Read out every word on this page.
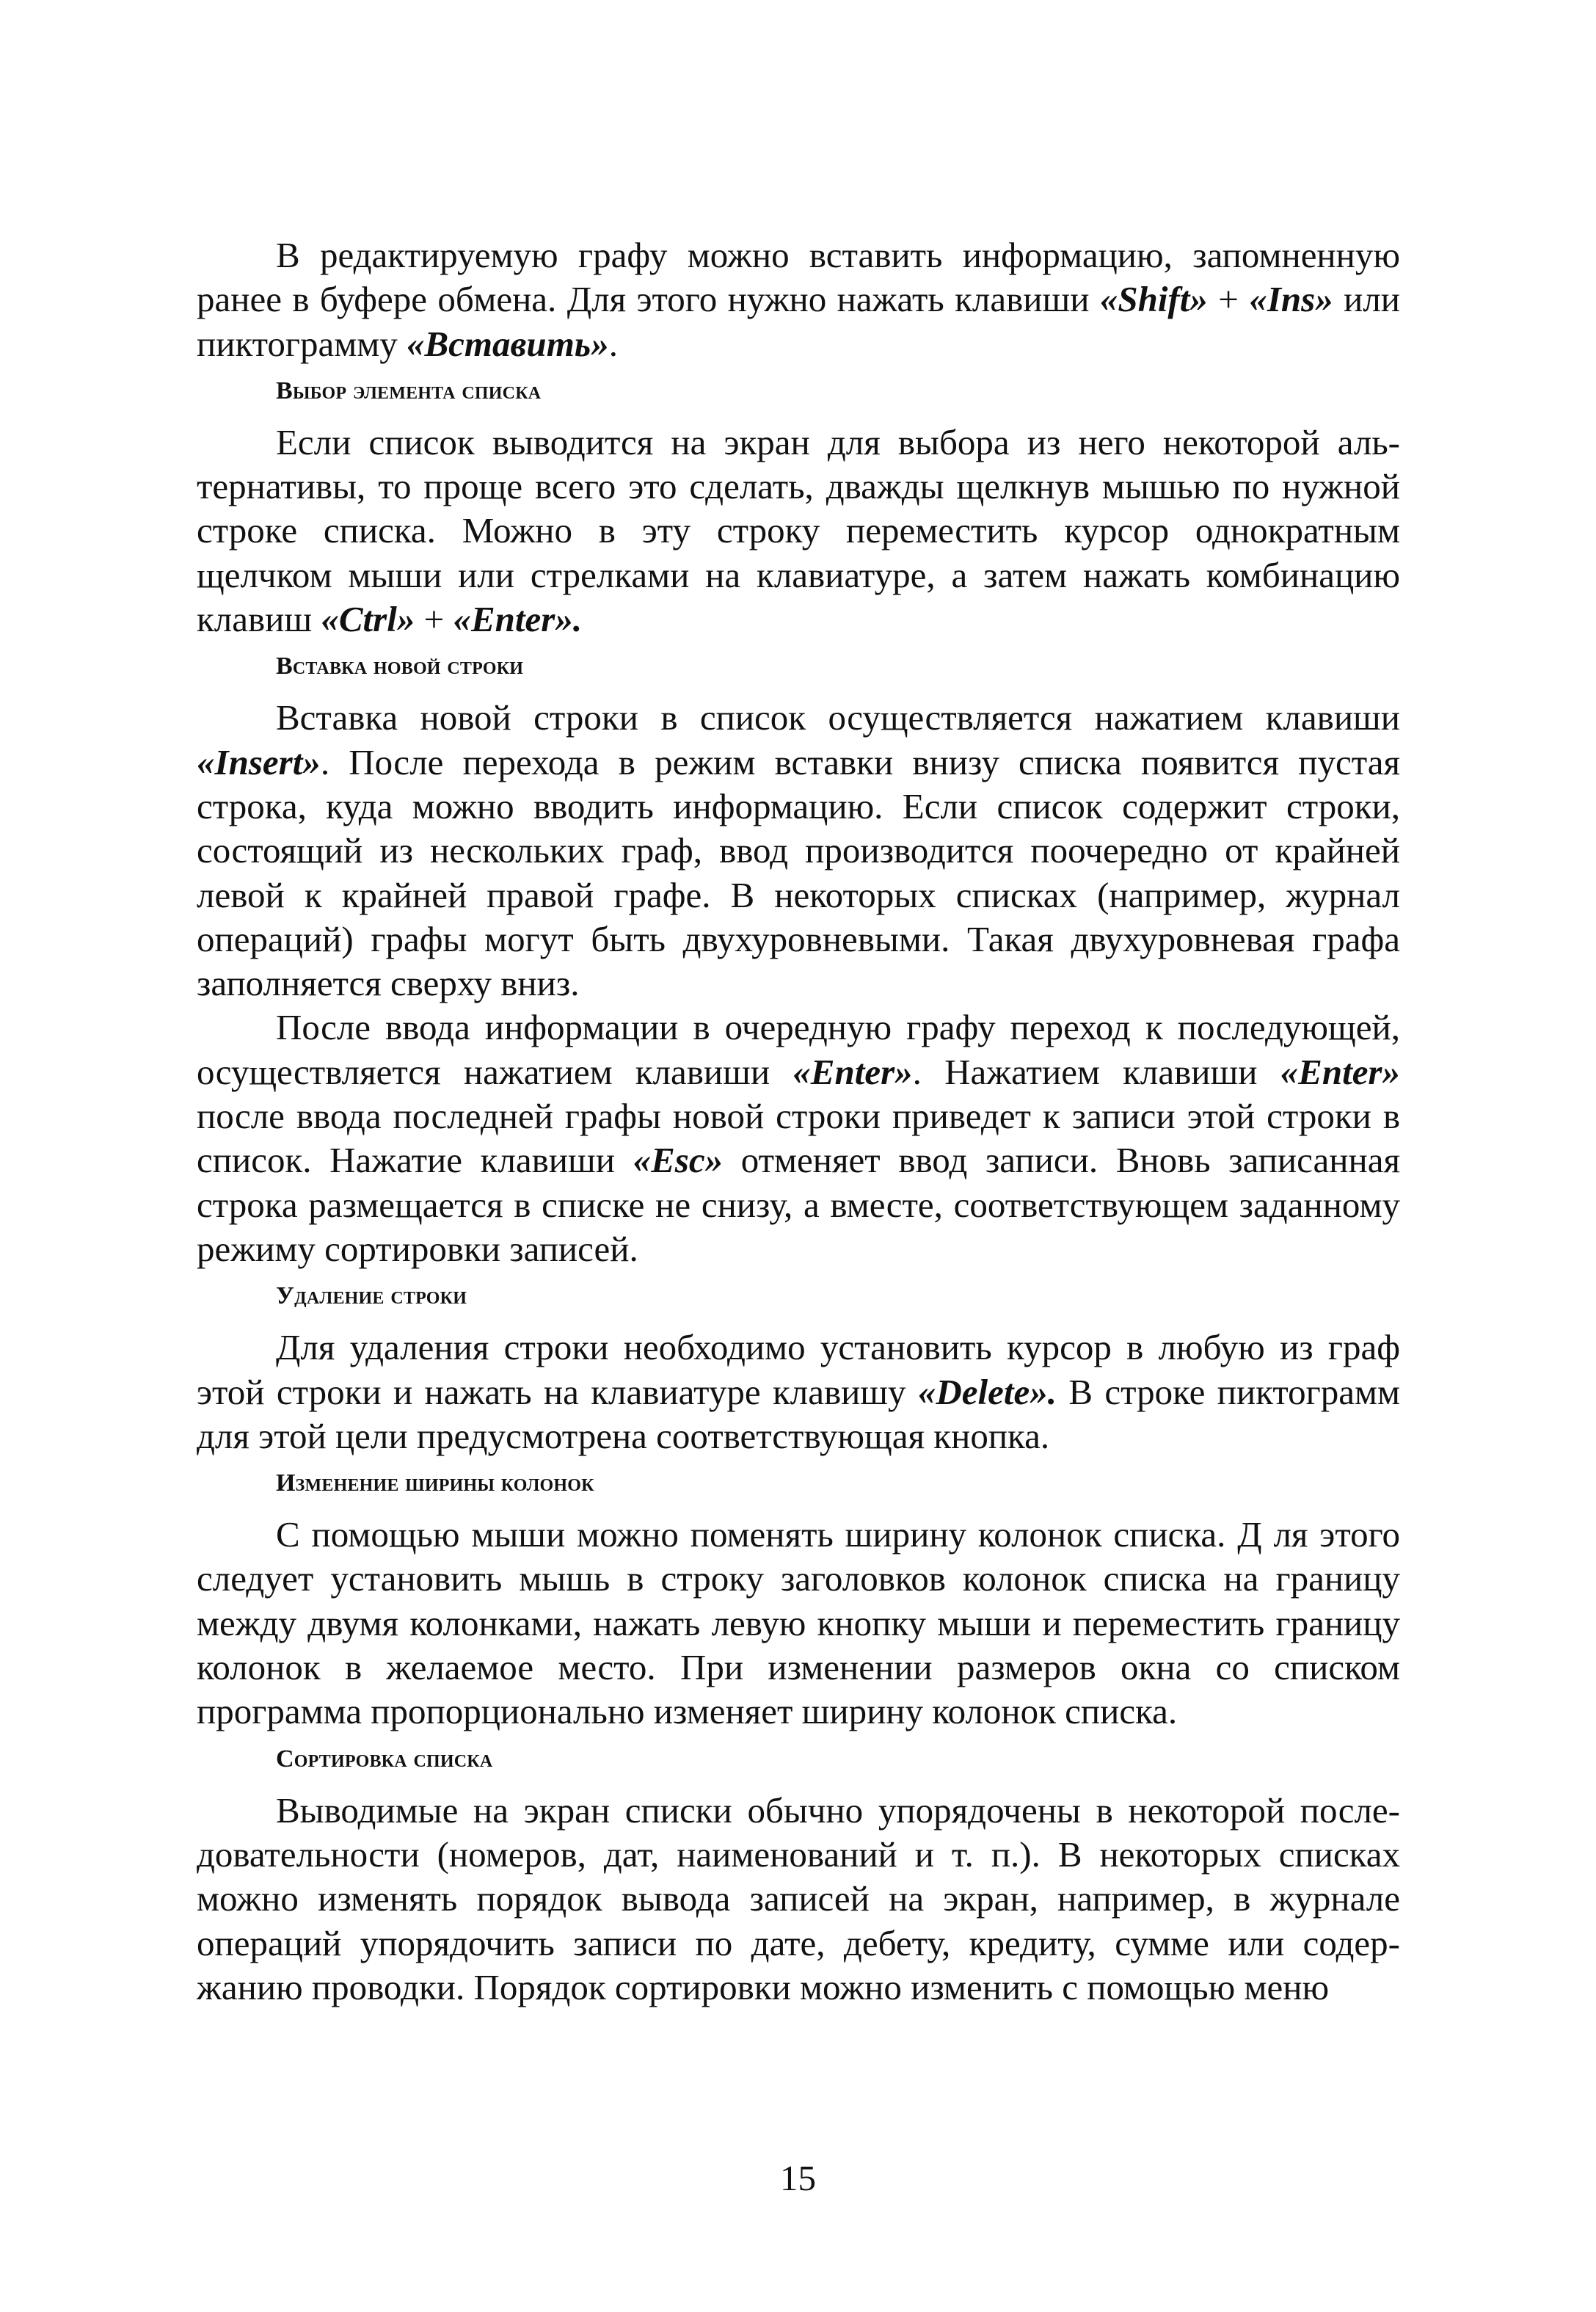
В редактируемую графу можно вставить информацию, запомненную ранее в буфере обмена. Для этого нужно нажать клавиши «Shift» + «Ins» или пиктограмму «Вставить».

Выбор элемента списка

Если список выводится на экран для выбора из него некоторой альтернативы, то проще всего это сделать, дважды щелкнув мышью по нужной строке списка. Можно в эту строку переместить курсор однократным щелчком мыши или стрелками на клавиатуре, а затем нажать комбинацию клавиш «Ctrl» + «Enter».

Вставка новой строки

Вставка новой строки в список осуществляется нажатием клавиши «Insert». После перехода в режим вставки внизу списка появится пустая строка, куда можно вводить информацию. Если список содержит строки, состоящий из нескольких граф, ввод производится поочередно от крайней левой к крайней правой графе. В некоторых списках (например, журнал операций) графы могут быть двухуровневыми. Такая двухуровневая графа заполняется сверху вниз.

После ввода информации в очередную графу переход к последующей, осуществляется нажатием клавиши «Enter». Нажатием клавиши «Enter» после ввода последней графы новой строки приведет к записи этой строки в список. Нажатие клавиши «Esc» отменяет ввод записи. Вновь записанная строка размещается в списке не снизу, а вместе, соответствующем заданному режиму сортировки записей.

Удаление строки

Для удаления строки необходимо установить курсор в любую из граф этой строки и нажать на клавиатуре клавишу «Delete». В строке пиктограмм для этой цели предусмотрена соответствующая кнопка.

Изменение ширины колонок

С помощью мыши можно поменять ширину колонок списка. Д ля этого следует установить мышь в строку заголовков колонок списка на границу между двумя колонками, нажать левую кнопку мыши и переместить границу колонок в желаемое место. При изменении размеров окна со списком программа пропорционально изменяет ширину колонок списка.

Сортировка списка

Выводимые на экран списки обычно упорядочены в некоторой последовательности (номеров, дат, наименований и т. п.). В некоторых списках можно изменять порядок вывода записей на экран, например, в журнале операций упорядочить записи по дате, дебету, кредиту, сумме или содержанию проводки. Порядок сортировки можно изменить с помощью меню

15
